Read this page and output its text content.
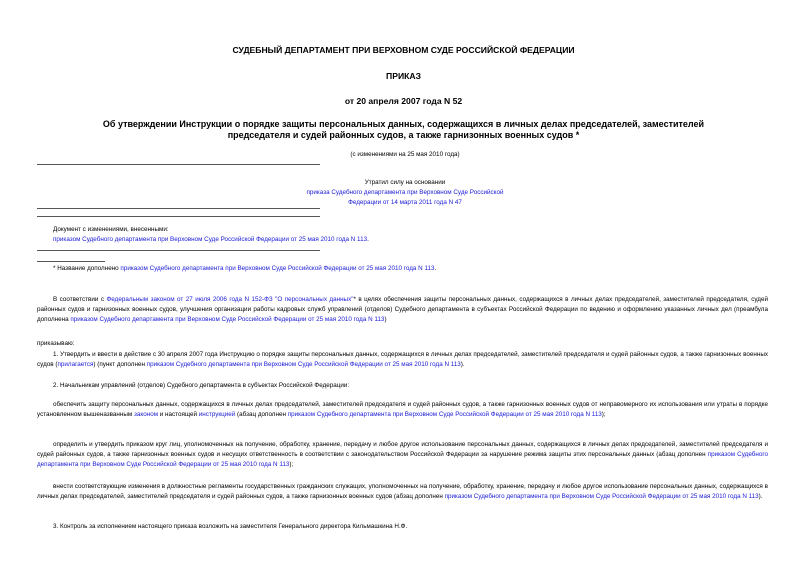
СУДЕБНЫЙ ДЕПАРТАМЕНТ ПРИ ВЕРХОВНОМ СУДЕ РОССИЙСКОЙ ФЕДЕРАЦИИ
ПРИКАЗ
от 20 апреля 2007 года N 52
Об утверждении Инструкции о порядке защиты персональных данных, содержащихся в личных делах председателей, заместителей председателя и судей районных судов, а также гарнизонных военных судов *
(с изменениями на 25 мая 2010 года)
Утратил силу на основании
приказа Судебного департамента при Верховном Суде Российской Федерации от 14 марта 2011 года N 47
Документ с изменениями, внесенными:
приказом Судебного департамента при Верховном Суде Российской Федерации от 25 мая 2010 года N 113.
* Название дополнено приказом Судебного департамента при Верховном Суде Российской Федерации от 25 мая 2010 года N 113.
В соответствии с Федеральным законом от 27 июля 2006 года N 152-ФЗ "О персональных данных"* в целях обеспечения защиты персональных данных, содержащихся в личных делах председателей, заместителей председателя, судей районных судов и гарнизонных военных судов, улучшения организации работы кадровых служб управлений (отделов) Судебного департамента в субъектах Российской Федерации по ведению и оформлению указанных личных дел (преамбула дополнена приказом Судебного департамента при Верховном Суде Российской Федерации от 25 мая 2010 года N 113)
приказываю:
1. Утвердить и ввести в действие с 30 апреля 2007 года Инструкцию о порядке защиты персональных данных, содержащихся в личных делах председателей, заместителей председателя и судей районных судов, а также гарнизонных военных судов (прилагается) (пункт дополнен приказом Судебного департамента при Верховном Суде Российской Федерации от 25 мая 2010 года N 113).
2. Начальникам управлений (отделов) Судебного департамента в субъектах Российской Федерации:
обеспечить защиту персональных данных, содержащихся в личных делах председателей, заместителей председателя и судей районных судов, а также гарнизонных военных судов от неправомерного их использования или утраты в порядке установленном вышеназванным законом и настоящей инструкцией (абзац дополнен приказом Судебного департамента при Верховном Суде Российской Федерации от 25 мая 2010 года N 113);
определить и утвердить приказом круг лиц, уполномоченных на получение, обработку, хранение, передачу и любое другое использование персональных данных, содержащихся в личных делах председателей, заместителей председателя и судей районных судов, а также гарнизонных военных судов и несущих ответственность в соответствии с законодательством Российской Федерации за нарушение режима защиты этих персональных данных (абзац дополнен приказом Судебного департамента при Верховном Суде Российской Федерации от 25 мая 2010 года N 113);
внести соответствующие изменения в должностные регламенты государственных гражданских служащих, уполномоченных на получение, обработку, хранение, передачу и любое другое использование персональных данных, содержащихся в личных делах председателей, заместителей председателя и судей районных судов, а также гарнизонных военных судов (абзац дополнен приказом Судебного департамента при Верховном Суде Российской Федерации от 25 мая 2010 года N 113).
3. Контроль за исполнением настоящего приказа возложить на заместителя Генерального директора Кильмашкина Н.Ф.
